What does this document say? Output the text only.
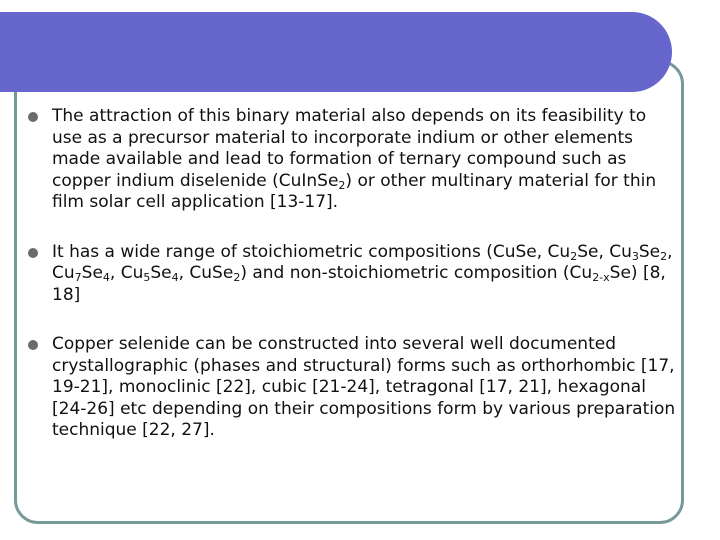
The attraction of this binary material also depends on its feasibility to use as a precursor material to incorporate indium or other elements made available and lead to formation of ternary compound such as copper indium diselenide (CuInSe$_2$) or other multinary material for thin film solar cell application [13-17].
It has a wide range of stoichiometric compositions (CuSe, $Cu_2Se$, $Cu_3Se_2$, $Cu_7Se_4$, $Cu_5Se_4$, CuSe$_2$) and non-stoichiometric composition $(Cu_{2-x}Se)$ [8, 18]
Copper selenide can be constructed into several well documented crystallographic (phases and structural) forms such as orthorhombic [17, 19-21], monoclinic [22], cubic [21-24], tetragonal [17, 21], hexagonal [24-26] etc depending on their compositions form by various preparation technique [22, 27].
